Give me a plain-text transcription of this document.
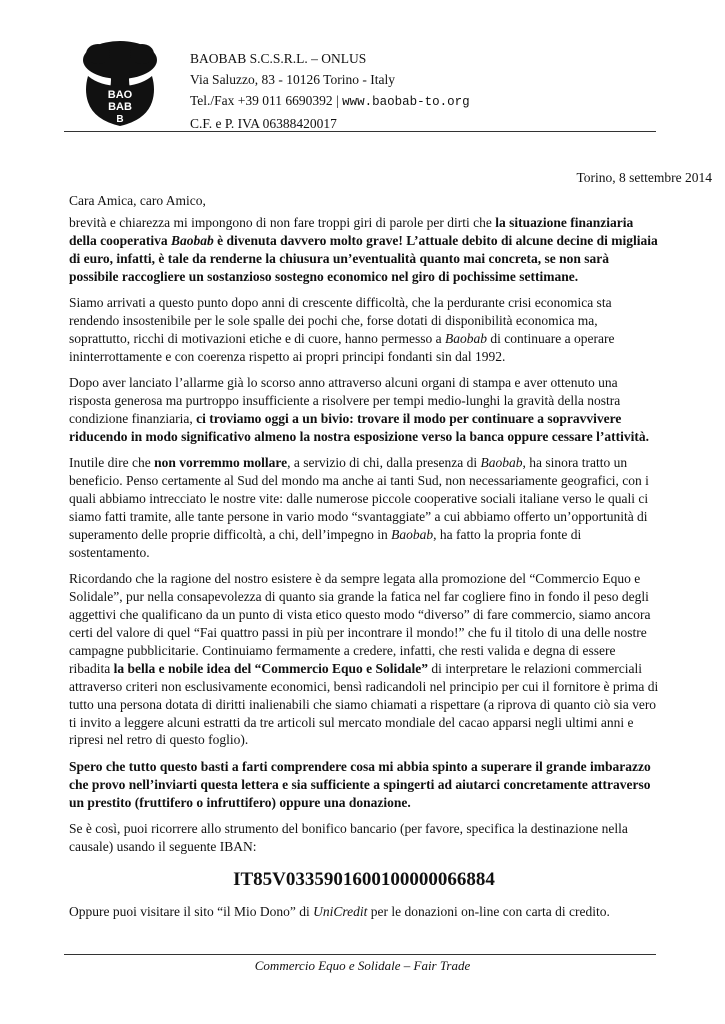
BAO
BAB
B
BAOBAB S.C.S.R.L. – ONLUS
Via Saluzzo, 83 - 10126 Torino - Italy
Tel./Fax +39 011 6690392 | www.baobab-to.org
C.F. e P. IVA 06388420017
Torino, 8 settembre 2014
Cara Amica, caro Amico,

brevità e chiarezza mi impongono di non fare troppi giri di parole per dirti che la situazione finanziaria della cooperativa Baobab è divenuta davvero molto grave! L’attuale debito di alcune decine di migliaia di euro, infatti, è tale da renderne la chiusura un’eventualità quanto mai concreta, se non sarà possibile raccogliere un sostanzioso sostegno economico nel giro di pochissime settimane.

Siamo arrivati a questo punto dopo anni di crescente difficoltà, che la perdurante crisi economica sta rendendo insostenibile per le sole spalle dei pochi che, forse dotati di disponibilità economica ma, soprattutto, ricchi di motivazioni etiche e di cuore, hanno permesso a Baobab di continuare a operare ininterrottamente e con coerenza rispetto ai propri principi fondanti sin dal 1992.

Dopo aver lanciato l’allarme già lo scorso anno attraverso alcuni organi di stampa e aver ottenuto una risposta generosa ma purtroppo insufficiente a risolvere per tempi medio-lunghi la gravità della nostra condizione finanziaria, ci troviamo oggi a un bivio: trovare il modo per continuare a sopravvivere riducendo in modo significativo almeno la nostra esposizione verso la banca oppure cessare l’attività.

Inutile dire che non vorremmo mollare, a servizio di chi, dalla presenza di Baobab, ha sinora tratto un beneficio. Penso certamente al Sud del mondo ma anche ai tanti Sud, non necessariamente geografici, con i quali abbiamo intrecciato le nostre vite: dalle numerose piccole cooperative sociali italiane verso le quali ci siamo fatti tramite, alle tante persone in vario modo “svantaggiate” a cui abbiamo offerto un’opportunità di superamento delle proprie difficoltà, a chi, dell’impegno in Baobab, ha fatto la propria fonte di sostentamento.

Ricordando che la ragione del nostro esistere è da sempre legata alla promozione del “Commercio Equo e Solidale”, pur nella consapevolezza di quanto sia grande la fatica nel far cogliere fino in fondo il peso degli aggettivi che qualificano da un punto di vista etico questo modo “diverso” di fare commercio, siamo ancora certi del valore di quel “Fai quattro passi in più per incontrare il mondo!” che fu il titolo di una delle nostre campagne pubblicitarie. Continuiamo fermamente a credere, infatti, che resti valida e degna di essere ribadita la bella e nobile idea del “Commercio Equo e Solidale” di interpretare le relazioni commerciali attraverso criteri non esclusivamente economici, bensì radicandoli nel principio per cui il fornitore è prima di tutto una persona dotata di diritti inalienabili che siamo chiamati a rispettare (a riprova di quanto ciò sia vero ti invito a leggere alcuni estratti da tre articoli sul mercato mondiale del cacao apparsi negli ultimi anni e ripresi nel retro di questo foglio).

Spero che tutto questo basti a farti comprendere cosa mi abbia spinto a superare il grande imbarazzo che provo nell’inviarti questa lettera e sia sufficiente a spingerti ad aiutarci concretamente attraverso un prestito (fruttifero o infruttifero) oppure una donazione.

Se è così, puoi ricorrere allo strumento del bonifico bancario (per favore, specifica la destinazione nella causale) usando il seguente IBAN:

IT85V0335901600100000066884

Oppure puoi visitare il sito “il Mio Dono” di UniCredit per le donazioni on-line con carta di credito.

Commercio Equo e Solidale – Fair Trade
